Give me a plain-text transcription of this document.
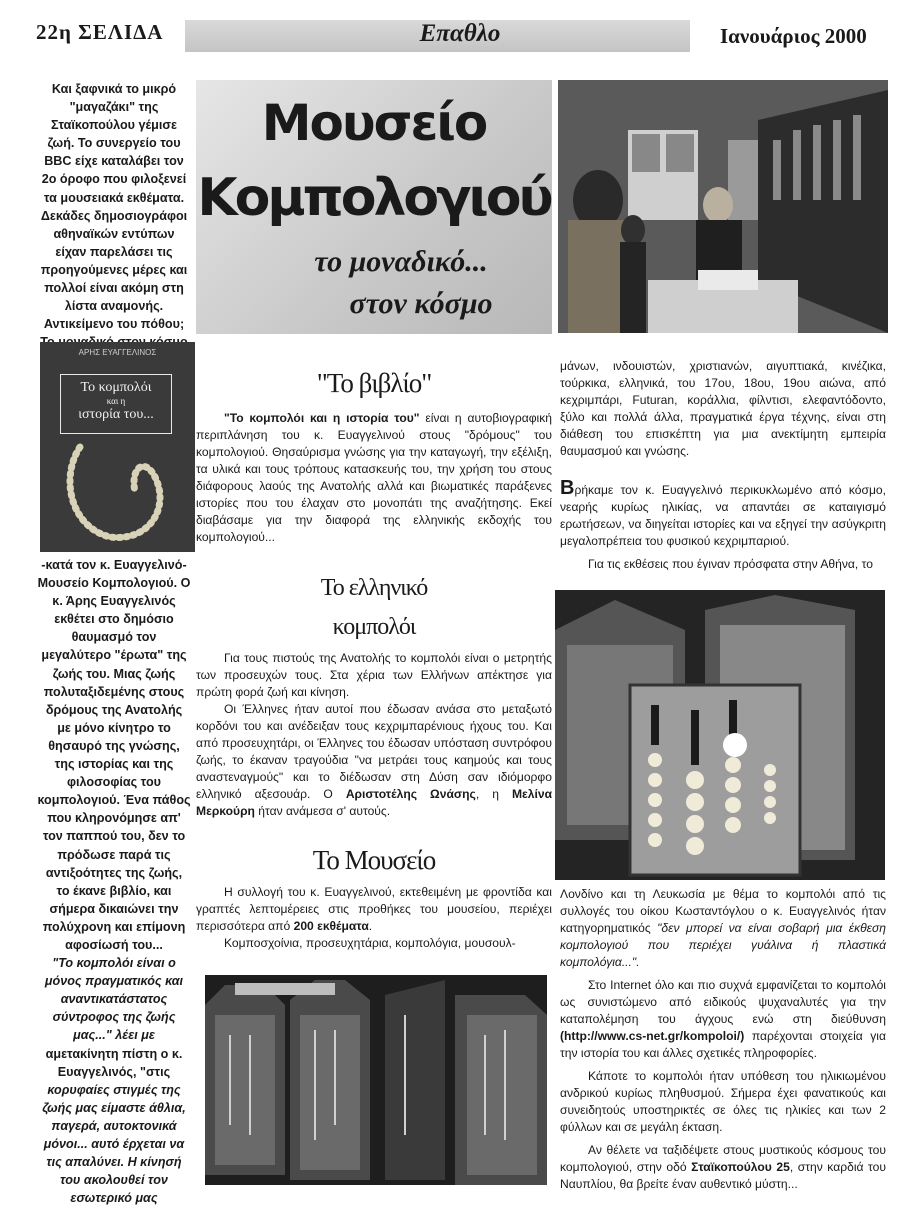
22η ΣΕΛΙΔΑ	Επαθλο	Ιανουάριος 2000

Και ξαφνικά το μικρό

"μαγαζάκι" της

Σταϊκοπούλου γέμισε

ζωή. Το συνεργείο του

BBC είχε καταλάβει τον

2ο όροφο που φιλοξενεί

τα μουσειακά εκθέματα.

Δεκάδες δημοσιογράφοι

αθηναϊκών εντύπων

είχαν παρελάσει τις

προηγούμενες μέρες και

πολλοί είναι ακόμη στη

λίστα αναμονής.

Αντικείμενο του πόθου;

ΑΡΗΣ ΕΥΑΓΓΕΛΙΝΟΣ
Το κομπολόι
και η
ιστορία του...

-κατά τον κ. Ευαγγελινό-

Μουσείο Κομπολογιού. Ο

κ. Άρης Ευαγγελινός

εκθέτει στο δημόσιο

θαυμασμό τον

μεγαλύτερο "έρωτα" της

ζωής του. Μιας ζωής

πολυταξιδεμένης στους

δρόμους της Ανατολής

με μόνο κίνητρο το

θησαυρό της γνώσης,

της ιστορίας και της

φιλοσοφίας του

κομπολογιού. Ένα πάθος

που κληρονόμησε απ'

τον παππού του, δεν το

πρόδωσε παρά τις

αντιξοότητες της ζωής,

το έκανε βιβλίο, και

σήμερα δικαιώνει την

πολύχρονη και επίμονη

αφοσίωσή του...

"Το κομπολόι είναι ο

μόνος πραγματικός και

αναντικατάστατος

σύντροφος της ζωής

μας..." λέει με

αμετακίνητη πίστη ο κ.

Ευαγγελινός, "στις

κορυφαίες στιγμές της

ζωής μας είμαστε άθλια,

παγερά, αυτοκτονικά

μόνοι... αυτό έρχεται να

τις απαλύνει. Η κίνησή

του ακολουθεί τον

εσωτερικό μας

Μουσείο
Κομπολογιού
το μοναδικό...
στον κόσμο
"Το βιβλίο"

"Το κομπολόι και η ιστορία του" είναι η αυτοβιογραφική περιπλάνηση του κ. Ευαγγελινού στους "δρόμους" του κομπολογιού. Θησαύρισμα γνώσης για την καταγωγή, την εξέλιξη, τα υλικά και τους τρόπους κατασκευής του, την χρήση του στους διάφορους λαούς της Ανατολής αλλά και βιωματικές παράξενες ιστορίες που του έλαχαν στο μονοπάτι της αναζήτησης. Εκεί διαβάσαμε για την διαφορά της ελληνικής εκδοχής του κομπολογιού...

Το ελληνικό
κομπολόι

Για τους πιστούς της Ανατολής το κομπολόι είναι ο μετρητής των προσευχών τους. Στα χέρια των Ελλήνων απέκτησε για πρώτη φορά ζωή και κίνηση.

Οι Έλληνες ήταν αυτοί που έδωσαν ανάσα στο μεταξωτό κορδόνι του και ανέδειξαν τους κεχριμπαρένιους ήχους του. Και από προσευχητάρι, οι Έλληνες του έδωσαν υπόσταση συντρόφου ζωής, το έκαναν τραγούδια "να μετράει τους καημούς και τους αναστεναγμούς" και το διέδωσαν στη Δύση σαν ιδιόμορφο ελληνικό αξεσουάρ. Ο Αριστοτέλης Ωνάσης, η Μελίνα Μερκούρη ήταν ανάμεσα σ' αυτούς.

Το Μουσείο

Η συλλογή του κ. Ευαγγελινού, εκτεθειμένη με φροντίδα και γραπτές λεπτομέρειες στις προθήκες του μουσείου, περιέχει περισσότερα από 200 εκθέματα.

Κομποσχοίνια, προσευχητάρια, κομπολόγια, μουσουλ-

μάνων, ινδουιστών, χριστιανών, αιγυπτιακά, κινέζικα, τούρκικα, ελληνικά, του 17ου, 18ου, 19ου αιώνα, από κεχριμπάρι, Futuran, κοράλλια, φίλντισι, ελεφαντόδοντο, ξύλο και πολλά άλλα, πραγματικά έργα τέχνης, είναι στη διάθεση του επισκέπτη για μια ανεκτίμητη εμπειρία θαυμασμού και γνώσης.

Βρήκαμε τον κ. Ευαγγελινό περικυκλωμένο από κόσμο, νεαρής κυρίως ηλικίας, να απαντάει σε καταιγισμό ερωτήσεων, να διηγείται ιστορίες και να εξηγεί την ασύγκριτη μεγαλοπρέπεια του φυσικού κεχριμπαριού.

Για τις εκθέσεις που έγιναν πρόσφατα στην Αθήνα, το

Λονδίνο και τη Λευκωσία με θέμα το κομπολόι από τις συλλογές του οίκου Κωσταντόγλου ο κ. Ευαγγελινός ήταν κατηγορηματικός "δεν μπορεί να είναι σοβαρή μια έκθεση κομπολογιού που περιέχει γυάλινα ή πλαστικά κομπολόγια...".

Στο Internet όλο και πιο συχνά εμφανίζεται το κομπολόι ως συνιστώμενο από ειδικούς ψυχαναλυτές για την καταπολέμηση του άγχους ενώ στη διεύθυνση (http://www.cs-net.gr/kompoloi/) παρέχονται στοιχεία για την ιστορία του και άλλες σχετικές πληροφορίες.

Κάποτε το κομπολόι ήταν υπόθεση του ηλικιωμένου ανδρικού κυρίως πληθυσμού. Σήμερα έχει φανατικούς και συνειδητούς υποστηρικτές σε όλες τις ηλικίες και των 2 φύλλων και σε μεγάλη έκταση.

Αν θέλετε να ταξιδέψετε στους μυστικούς κόσμους του κομπολογιού, στην οδό Σταϊκοπούλου 25, στην καρδιά του Ναυπλίου, θα βρείτε έναν αυθεντικό μύστη...
